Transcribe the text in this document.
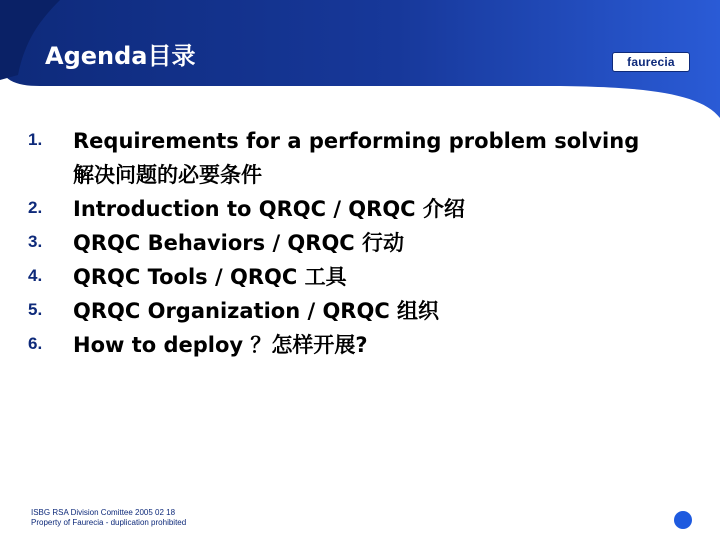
Agenda目录	faurecia
1.	Requirements for a performing problem solving
解决问题的必要条件
2.	Introduction to QRQC / QRQC 介绍
3.	QRQC Behaviors / QRQC 行动
4.	QRQC Tools / QRQC 工具
5.	QRQC Organization / QRQC 组织
6.	How to deploy ？怎样开展?
ISBG RSA Division Comittee 2005 02 18
Property of Faurecia - duplication prohibited
